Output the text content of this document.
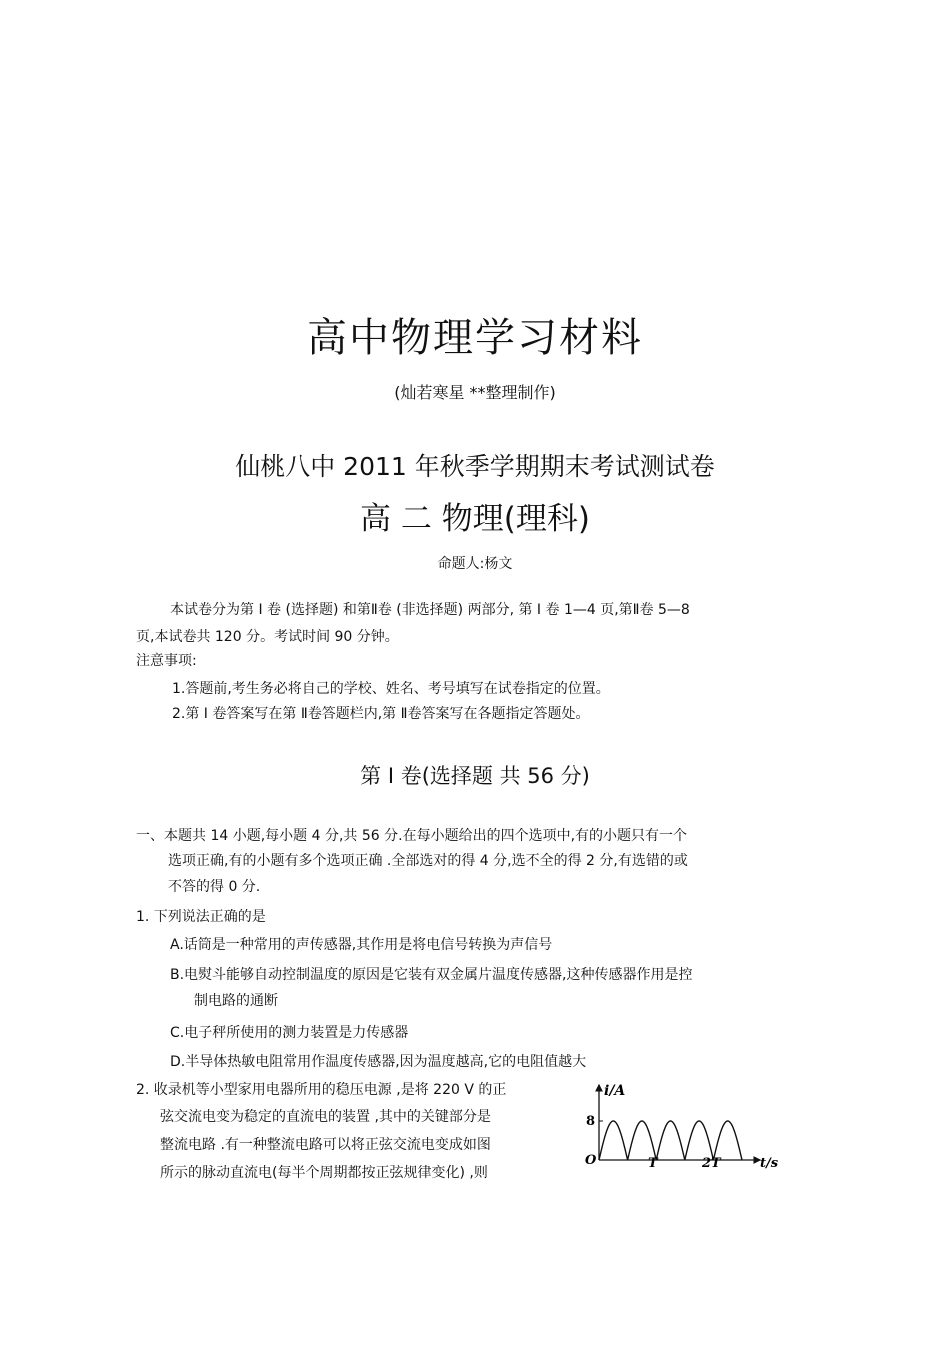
高中物理学习材料
(灿若寒星 **整理制作)
仙桃八中 2011 年秋季学期期末考试测试卷
高 二 物理(理科)
命题人:杨文
本试卷分为第 I 卷 (选择题) 和第Ⅱ卷 (非选择题) 两部分, 第 I 卷 1—4 页,第Ⅱ卷 5—8
页,本试卷共 120 分。考试时间 90 分钟。
注意事项:
1.答题前,考生务必将自己的学校、姓名、考号填写在试卷指定的位置。
2.第 I 卷答案写在第 Ⅱ卷答题栏内,第 Ⅱ卷答案写在各题指定答题处。
第 I 卷(选择题 共 56 分)
一、本题共 14 小题,每小题 4 分,共 56 分.在每小题给出的四个选项中,有的小题只有一个
选项正确,有的小题有多个选项正确 .全部选对的得 4 分,选不全的得 2 分,有选错的或
不答的得 0 分.
1. 下列说法正确的是
A.话筒是一种常用的声传感器,其作用是将电信号转换为声信号
B.电熨斗能够自动控制温度的原因是它装有双金属片温度传感器,这种传感器作用是控
制电路的通断
C.电子秤所使用的测力装置是力传感器
D.半导体热敏电阻常用作温度传感器,因为温度越高,它的电阻值越大
2. 收录机等小型家用电器所用的稳压电源 ,是将 220 V 的正
弦交流电变为稳定的直流电的装置 ,其中的关键部分是
整流电路 .有一种整流电路可以将正弦交流电变成如图
所示的脉动直流电(每半个周期都按正弦规律变化) ,则
i/A
8
O	T	2T	t/s
